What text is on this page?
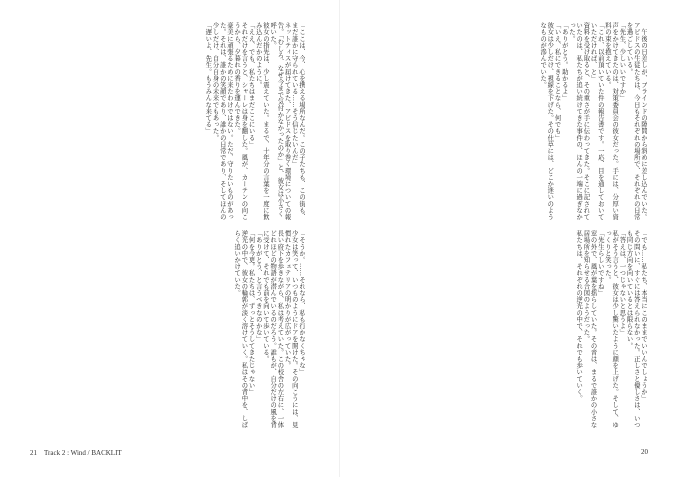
「ここは、今、心を携える場所なんだ。この子たちも、この街も、まだ誰かに守られている……そう信じたいんだ」
ネットティスが届けてきた、アビドスを取り巻く環境についての報告。「むしろ、なぜ今まで気付かなかったのか」と、彼女は小さく呼いた。
彼女の指先は、少し震えていた。まるで、十年分の言葉を一度に飲み込んだかのように。
「ええ、でも、私たちはまだここにいる」
それだけを言うと、シャーレは身を翻した。風が、カーテンの向こうから、夕暮れの香りを運んできた。
豪美に頑張るために来たわけではない。ただ、守りたいものがあった。それは、誰かの笑顔であり、誰かの日常であり、そしてほんの少しだけ、自分自身の未来でもあった。
「遅いよ、先生。もうみんな来てる」
「そうか。……それなら、私も行かなくちゃな」
少女は笑って、いつものようにドアを開けた。その向こうには、見慣れたカフェテリアの明かりが広がっていた。
長い府下を歩きながら、私は考えていた。この校舎の左右に、一体どれほどの物語が潜んでいるのだろう。誰もが、自分だけの風を背に受けて、それでも前を向いて歩いている。
「ありがとう、と言うべきなのかな」
「何を今更。私たちは、ずっとそうしてきたじゃない」
逆光の中で、彼女の輪郭が淡く溶けていく。私はその背中を、しばらく追いかけていた。
21　Track 2 : Wind / BACKLIT
　午後の日差しが、ブラインドの隙間から斜めに差し込んでいた。アビドスの生徒たちは、今日もそれぞれの場所で、それぞれの日常を過ごしている。
「先生、少しいいですか」
声をかけてきたのは、対策委員会の彼女だった。手には、分厚い資料の束を抱えている。
「これ、以前頂いていた件の報告書です。一応、目を通しておいていただければ、と」
資料を受け取ると、その重さが手に伝わってきた。そこに記されていたのは、私たちが追い続けてきた事件の、ほんの一端に過ぎなかった。
「ありがとう。助かるよ」
「いえ、私にできることなら、何でも」
彼女は少しだけ、視線を下げた。その仕草には、どこか迷いのようなものが滲んでいた。
「でも……私たち、本当にこのままでいいんでしょうか」
その問いに、すぐには答えられなかった。正しさと優しさは、いつも同じ方向を向いているとは限らない。
「答えは、一つじゃないと思うよ」
私がそう言うと、彼女は少し驚いたように顔を上げた。そして、ゆっくりと笑った。
「先生らしいですね」
窓の外で、風が葉を揺らしていた。その音は、まるで誰かの小さな居場所を知らせる合図のようだった。
私たちは、それぞれの逆光の中で、それでも歩いていく。
20
